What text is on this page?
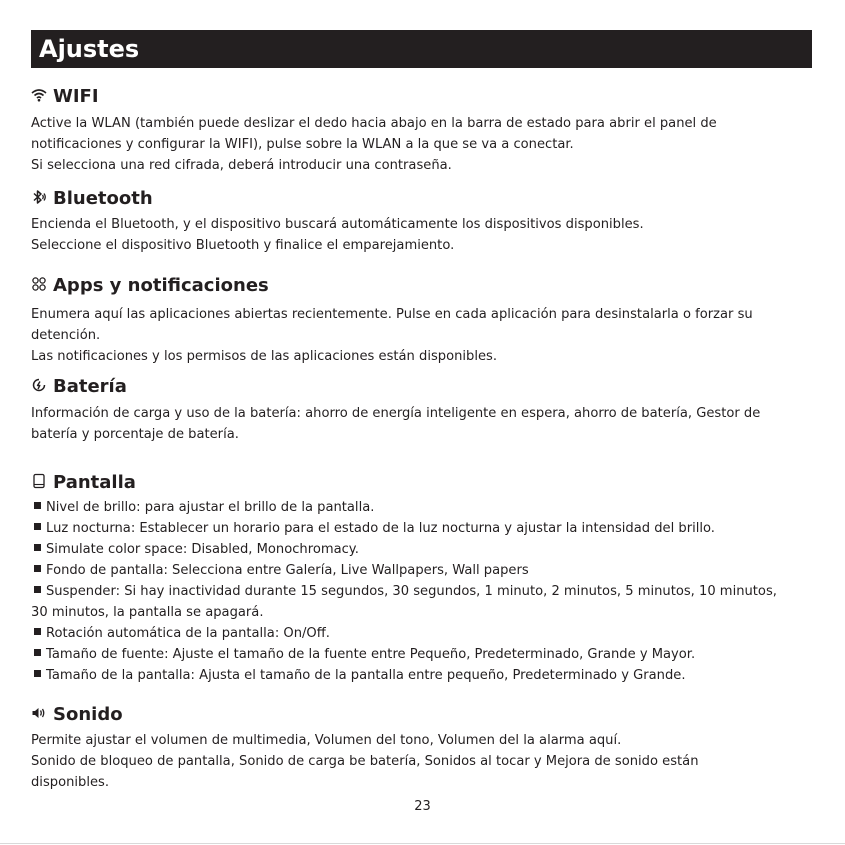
Ajustes
WIFI
Active la WLAN (también puede deslizar el dedo hacia abajo en la barra de estado para abrir el panel de
notificaciones y configurar la WIFI), pulse sobre la WLAN a la que se va a conectar.
Si selecciona una red cifrada, deberá introducir una contraseña.
Bluetooth
Encienda el Bluetooth, y el dispositivo buscará automáticamente los dispositivos disponibles.
Seleccione el dispositivo Bluetooth y finalice el emparejamiento.
Apps y notificaciones
Enumera aquí las aplicaciones abiertas recientemente. Pulse en cada aplicación para desinstalarla o forzar su
detención.
Las notificaciones y los permisos de las aplicaciones están disponibles.
Batería
Información de carga y uso de la batería: ahorro de energía inteligente en espera, ahorro de batería, Gestor de
batería y porcentaje de batería.
Pantalla
Nivel de brillo: para ajustar el brillo de la pantalla.
Luz nocturna: Establecer un horario para el estado de la luz nocturna y ajustar la intensidad del brillo.
Simulate color space: Disabled, Monochromacy.
Fondo de pantalla: Selecciona entre Galería, Live Wallpapers, Wall papers
Suspender: Si hay inactividad durante 15 segundos, 30 segundos, 1 minuto, 2 minutos, 5 minutos, 10 minutos,
30 minutos, la pantalla se apagará.
Rotación automática de la pantalla: On/Off.
Tamaño de fuente: Ajuste el tamaño de la fuente entre Pequeño, Predeterminado, Grande y Mayor.
Tamaño de la pantalla: Ajusta el tamaño de la pantalla entre pequeño, Predeterminado y Grande.
Sonido
Permite ajustar el volumen de multimedia, Volumen del tono, Volumen del la alarma aquí.
Sonido de bloqueo de pantalla, Sonido de carga be batería, Sonidos al tocar y Mejora de sonido están
disponibles.
23
